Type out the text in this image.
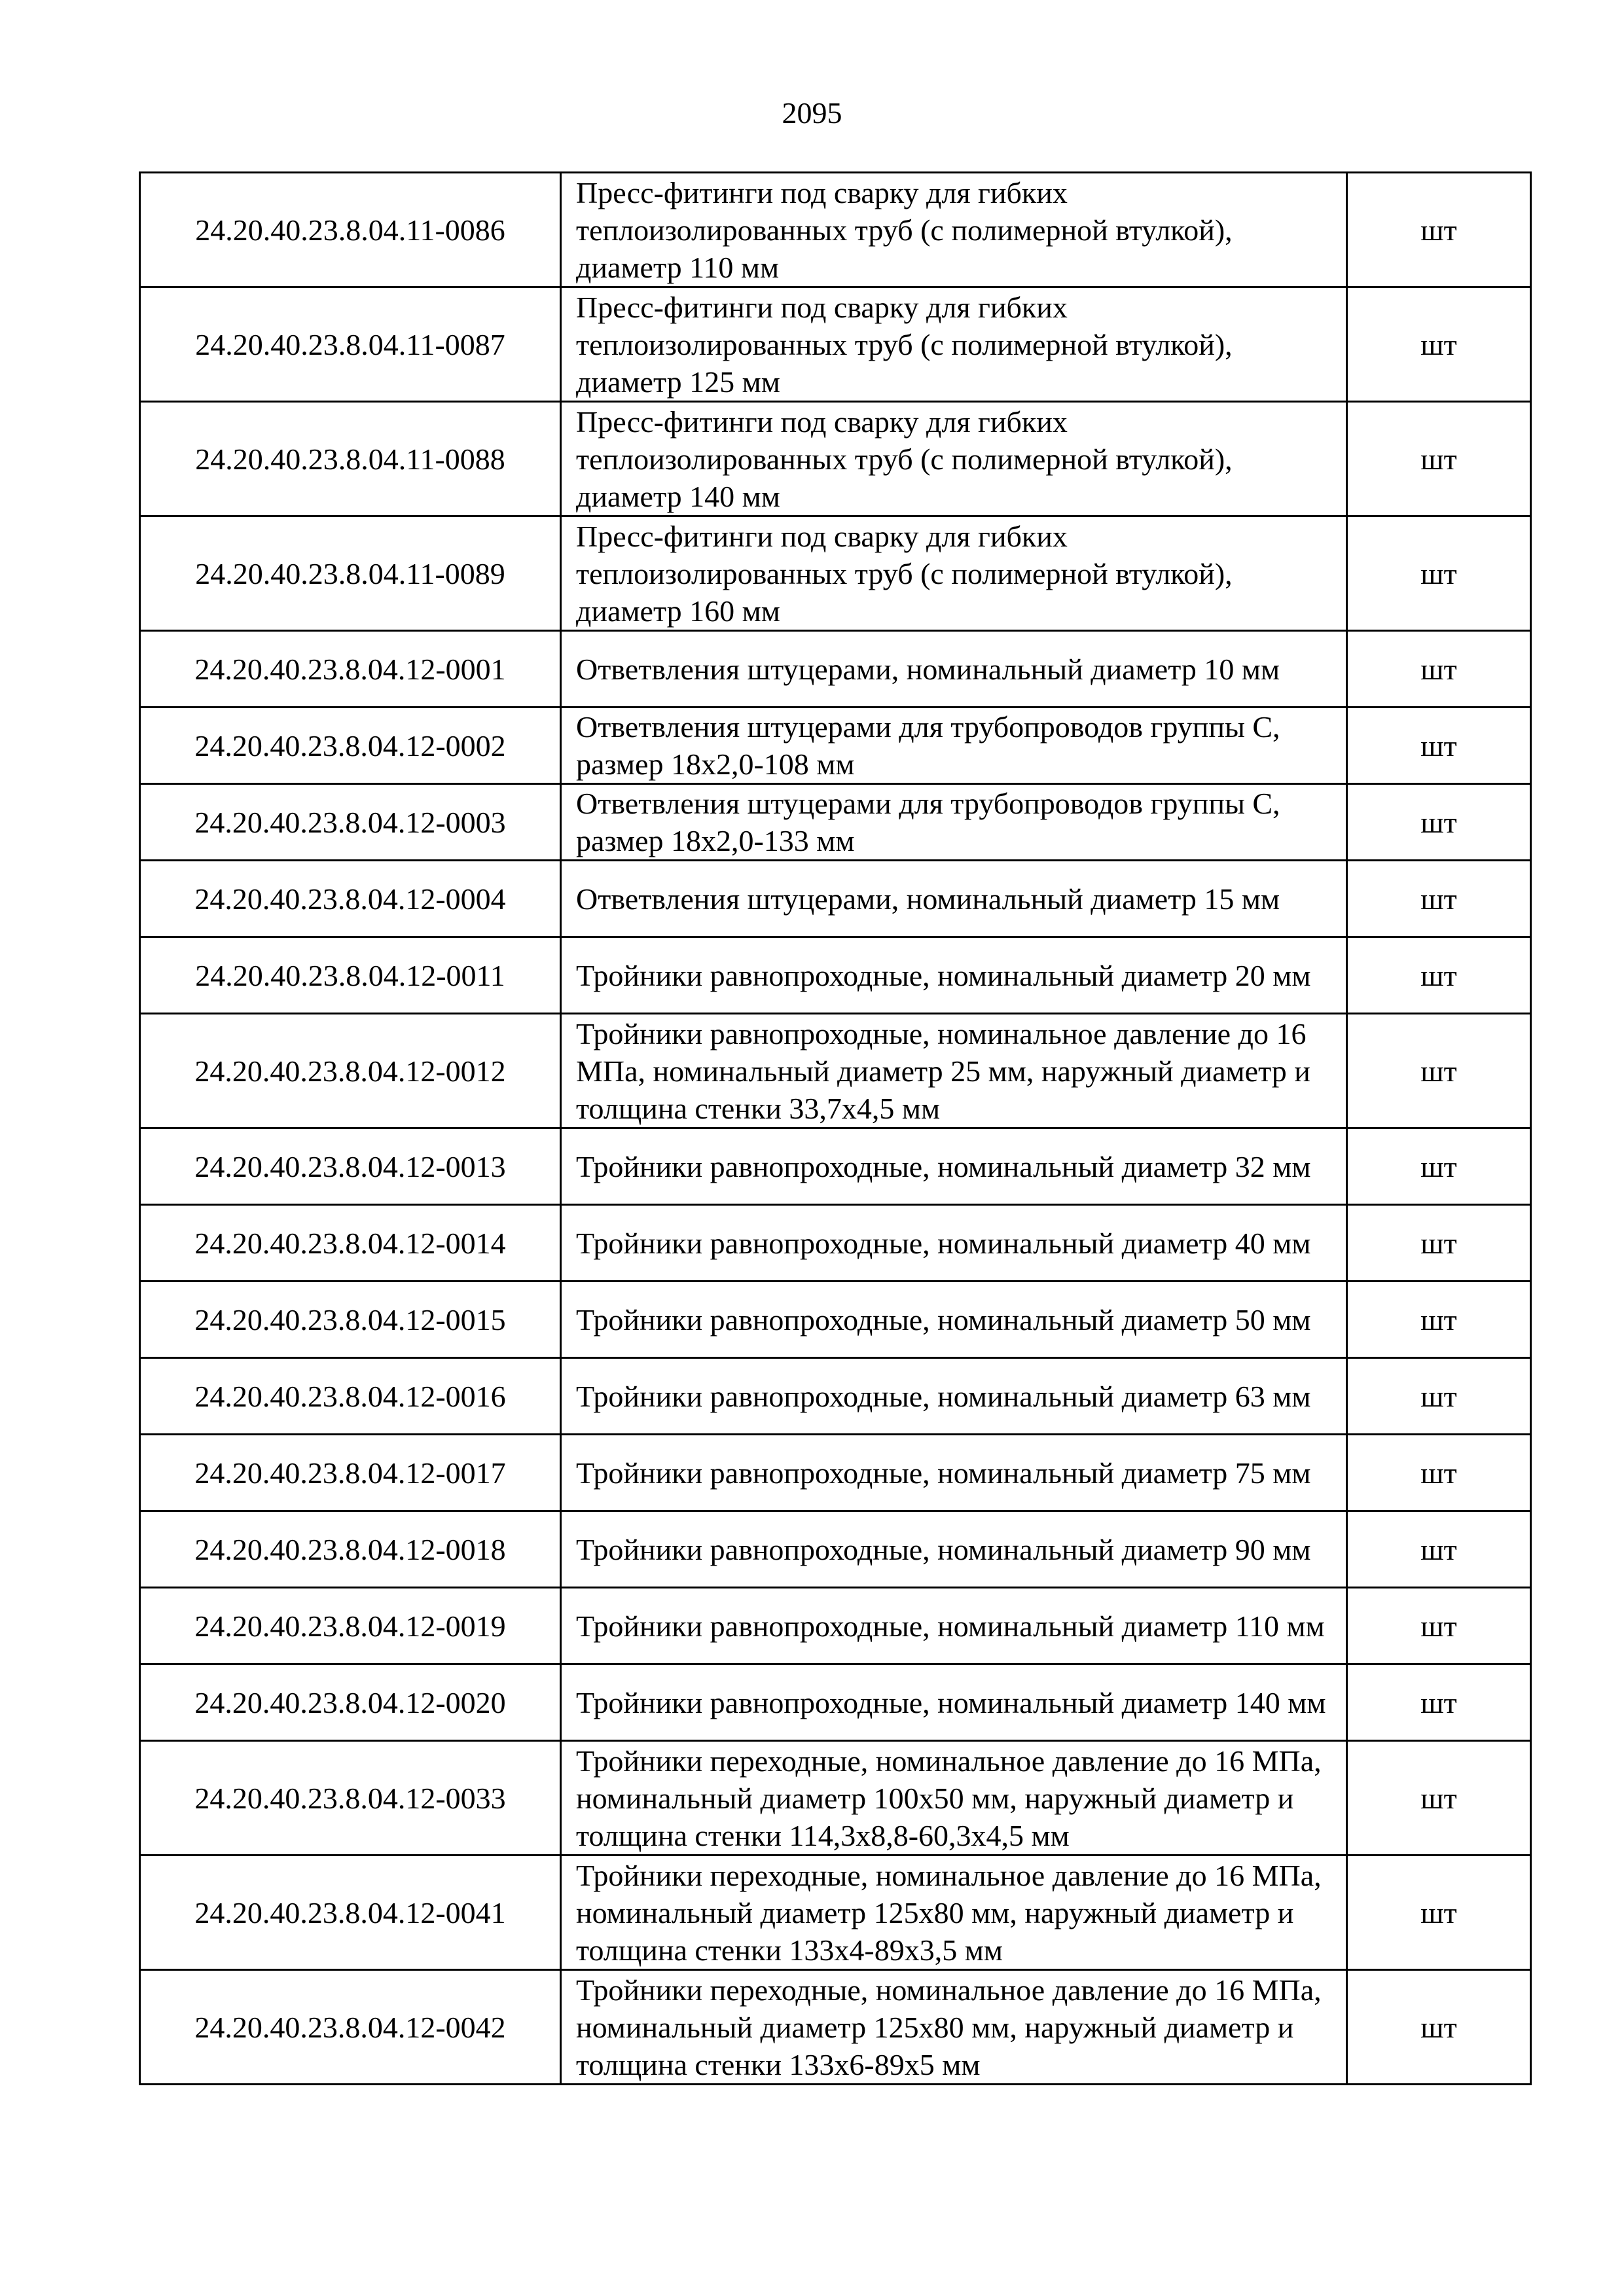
2095
24.20.40.23.8.04.11-0086	Пресс-фитинги под сварку для гибких теплоизолированных труб (с полимерной втулкой), диаметр 110 мм	шт
24.20.40.23.8.04.11-0087	Пресс-фитинги под сварку для гибких теплоизолированных труб (с полимерной втулкой), диаметр 125 мм	шт
24.20.40.23.8.04.11-0088	Пресс-фитинги под сварку для гибких теплоизолированных труб (с полимерной втулкой), диаметр 140 мм	шт
24.20.40.23.8.04.11-0089	Пресс-фитинги под сварку для гибких теплоизолированных труб (с полимерной втулкой), диаметр 160 мм	шт
24.20.40.23.8.04.12-0001	Ответвления штуцерами, номинальный диаметр 10 мм	шт
24.20.40.23.8.04.12-0002	Ответвления штуцерами для трубопроводов группы С, размер 18х2,0-108 мм	шт
24.20.40.23.8.04.12-0003	Ответвления штуцерами для трубопроводов группы С, размер 18х2,0-133 мм	шт
24.20.40.23.8.04.12-0004	Ответвления штуцерами, номинальный диаметр 15 мм	шт
24.20.40.23.8.04.12-0011	Тройники равнопроходные, номинальный диаметр 20 мм	шт
24.20.40.23.8.04.12-0012	Тройники равнопроходные, номинальное давление до 16 МПа, номинальный диаметр 25 мм, наружный диаметр и толщина стенки 33,7х4,5 мм	шт
24.20.40.23.8.04.12-0013	Тройники равнопроходные, номинальный диаметр 32 мм	шт
24.20.40.23.8.04.12-0014	Тройники равнопроходные, номинальный диаметр 40 мм	шт
24.20.40.23.8.04.12-0015	Тройники равнопроходные, номинальный диаметр 50 мм	шт
24.20.40.23.8.04.12-0016	Тройники равнопроходные, номинальный диаметр 63 мм	шт
24.20.40.23.8.04.12-0017	Тройники равнопроходные, номинальный диаметр 75 мм	шт
24.20.40.23.8.04.12-0018	Тройники равнопроходные, номинальный диаметр 90 мм	шт
24.20.40.23.8.04.12-0019	Тройники равнопроходные, номинальный диаметр 110 мм	шт
24.20.40.23.8.04.12-0020	Тройники равнопроходные, номинальный диаметр 140 мм	шт
24.20.40.23.8.04.12-0033	Тройники переходные, номинальное давление до 16 МПа, номинальный диаметр 100х50 мм, наружный диаметр и толщина стенки 114,3х8,8-60,3х4,5 мм	шт
24.20.40.23.8.04.12-0041	Тройники переходные, номинальное давление до 16 МПа, номинальный диаметр 125х80 мм, наружный диаметр и толщина стенки 133х4-89х3,5 мм	шт
24.20.40.23.8.04.12-0042	Тройники переходные, номинальное давление до 16 МПа, номинальный диаметр 125х80 мм, наружный диаметр и толщина стенки 133х6-89х5 мм	шт
